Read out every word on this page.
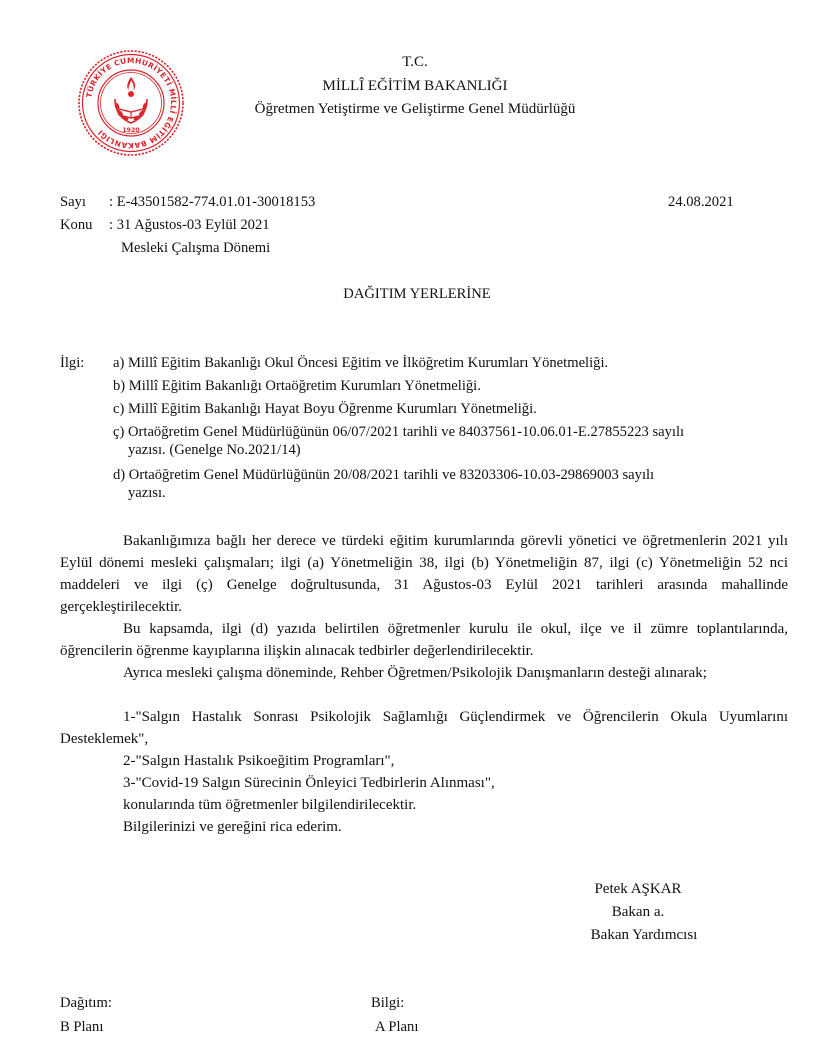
TÜRKİYE CUMHURİYETİ MİLLÎ EĞİTİM BAKANLIĞI	1920
T.C.
MİLLÎ EĞİTİM BAKANLIĞI
Öğretmen Yetiştirme ve Geliştirme Genel Müdürlüğü
Sayı : E-43501582-774.01.01-30018153	24.08.2021
Konu : 31 Ağustos-03 Eylül 2021
Mesleki Çalışma Dönemi
DAĞITIM YERLERİNE
İlgi: a) Millî Eğitim Bakanlığı Okul Öncesi Eğitim ve İlköğretim Kurumları Yönetmeliği.
b) Millî Eğitim Bakanlığı Ortaöğretim Kurumları Yönetmeliği.
c) Millî Eğitim Bakanlığı Hayat Boyu Öğrenme Kurumları Yönetmeliği.
ç) Ortaöğretim Genel Müdürlüğünün 06/07/2021 tarihli ve 84037561-10.06.01-E.27855223 sayılı
yazısı. (Genelge No.2021/14)
d) Ortaöğretim Genel Müdürlüğünün 20/08/2021 tarihli ve 83203306-10.03-29869003 sayılı
yazısı.
Bakanlığımıza bağlı her derece ve türdeki eğitim kurumlarında görevli yönetici ve öğretmenlerin 2021 yılı Eylül dönemi mesleki çalışmaları; ilgi (a) Yönetmeliğin 38, ilgi (b) Yönetmeliğin 87, ilgi (c) Yönetmeliğin 52 nci maddeleri ve ilgi (ç) Genelge doğrultusunda, 31 Ağustos-03 Eylül 2021 tarihleri arasında mahallinde gerçekleştirilecektir.
Bu kapsamda, ilgi (d) yazıda belirtilen öğretmenler kurulu ile okul, ilçe ve il zümre toplantılarında, öğrencilerin öğrenme kayıplarına ilişkin alınacak tedbirler değerlendirilecektir.
Ayrıca mesleki çalışma döneminde, Rehber Öğretmen/Psikolojik Danışmanların desteği alınarak;
1-"Salgın Hastalık Sonrası Psikolojik Sağlamlığı Güçlendirmek ve Öğrencilerin Okula Uyumlarını Desteklemek",
2-"Salgın Hastalık Psikoeğitim Programları",
3-"Covid-19 Salgın Sürecinin Önleyici Tedbirlerin Alınması",
konularında tüm öğretmenler bilgilendirilecektir.
Bilgilerinizi ve gereğini rica ederim.
Petek AŞKAR
Bakan a.
Bakan Yardımcısı
Dağıtım:
B Planı
Bilgi:
A Planı
